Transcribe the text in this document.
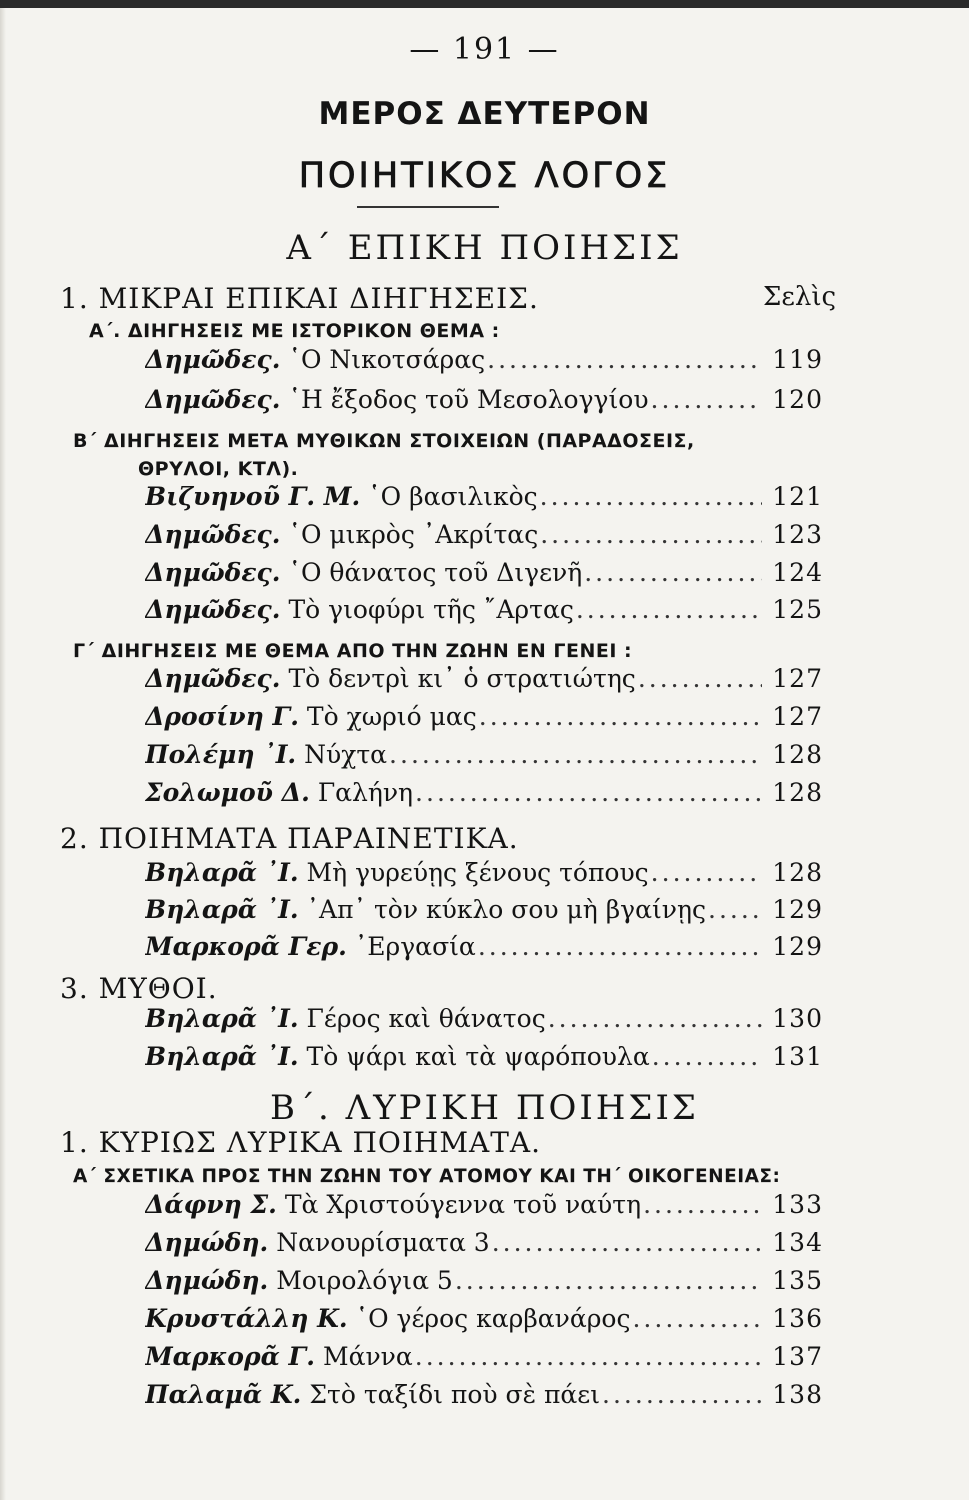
— 191 —
ΜΕΡΟΣ ΔΕΥΤΕΡΟΝ
ΠΟΙΗΤΙΚΟΣ ΛΟΓΟΣ
Α΄ ΕΠΙΚΗ ΠΟΙΗΣΙΣ
1. ΜΙΚΡΑΙ ΕΠΙΚΑΙ ΔΙΗΓΗΣΕΙΣ.	Σελὶς
Α΄. ΔΙΗΓΗΣΕΙΣ ΜΕ ΙΣΤΟΡΙΚΟΝ ΘΕΜΑ :
Δημῶδες. ῾Ο Νικοτσάρας .....	119
Δημῶδες. ῾Η ἔξοδος τοῦ Μεσολογγίου .....	120
Β΄ ΔΙΗΓΗΣΕΙΣ ΜΕΤΑ ΜΥΘΙΚΩΝ ΣΤΟΙΧΕΙΩΝ (ΠΑΡΑΔΟΣΕΙΣ,
ΘΡΥΛΟΙ, ΚΤΛ).
Βιζυηνοῦ Γ. Μ. ῾Ο βασιλικὸς .....	121
Δημῶδες. ῾Ο μικρὸς ᾿Ακρίτας .....	123
Δημῶδες. ῾Ο θάνατος τοῦ Διγενῆ .....	124
Δημῶδες. Τὸ γιοφύρι τῆς ῎Αρτας .....	125
Γ΄ ΔΙΗΓΗΣΕΙΣ ΜΕ ΘΕΜΑ ΑΠΟ ΤΗΝ ΖΩΗΝ ΕΝ ΓΕΝΕΙ :
Δημῶδες. Τὸ δεντρὶ κι᾿ ὁ στρατιώτης .....	127
Δροσίνη Γ. Τὸ χωριό μας .....	127
Πολέμη ᾿Ι. Νύχτα .....	128
Σολωμοῦ Δ. Γαλήνη .....	128
2. ΠΟΙΗΜΑΤΑ ΠΑΡΑΙΝΕΤΙΚΑ.
Βηλαρᾶ ᾿Ι. Μὴ γυρεύῃς ξένους τόπους .....	128
Βηλαρᾶ ᾿Ι. ᾿Απ᾿ τὸν κύκλο σου μὴ βγαίνῃς .....	129
Μαρκορᾶ Γερ. ᾿Εργασία .....	129
3. ΜΥΘΟΙ.
Βηλαρᾶ ᾿Ι. Γέρος καὶ θάνατος .....	130
Βηλαρᾶ ᾿Ι. Τὸ ψάρι καὶ τὰ ψαρόπουλα .....	131
Β΄. ΛΥΡΙΚΗ ΠΟΙΗΣΙΣ
1. ΚΥΡΙΩΣ ΛΥΡΙΚΑ ΠΟΙΗΜΑΤΑ.
Α΄ ΣΧΕΤΙΚΑ ΠΡΟΣ ΤΗΝ ΖΩΗΝ ΤΟΥ ΑΤΟΜΟΥ ΚΑΙ ΤΗ΄ ΟΙΚΟΓΕΝΕΙΑΣ:
Δάφνη Σ. Τὰ Χριστούγεννα τοῦ ναύτη .....	133
Δημώδη. Νανουρίσματα 3 .....	134
Δημώδη. Μοιρολόγια 5 .....	135
Κρυστάλλη Κ. ῾Ο γέρος καρβανάρος .....	136
Μαρκορᾶ Γ. Μάννα .....	137
Παλαμᾶ Κ. Στὸ ταξίδι ποὺ σὲ πάει .....	138
